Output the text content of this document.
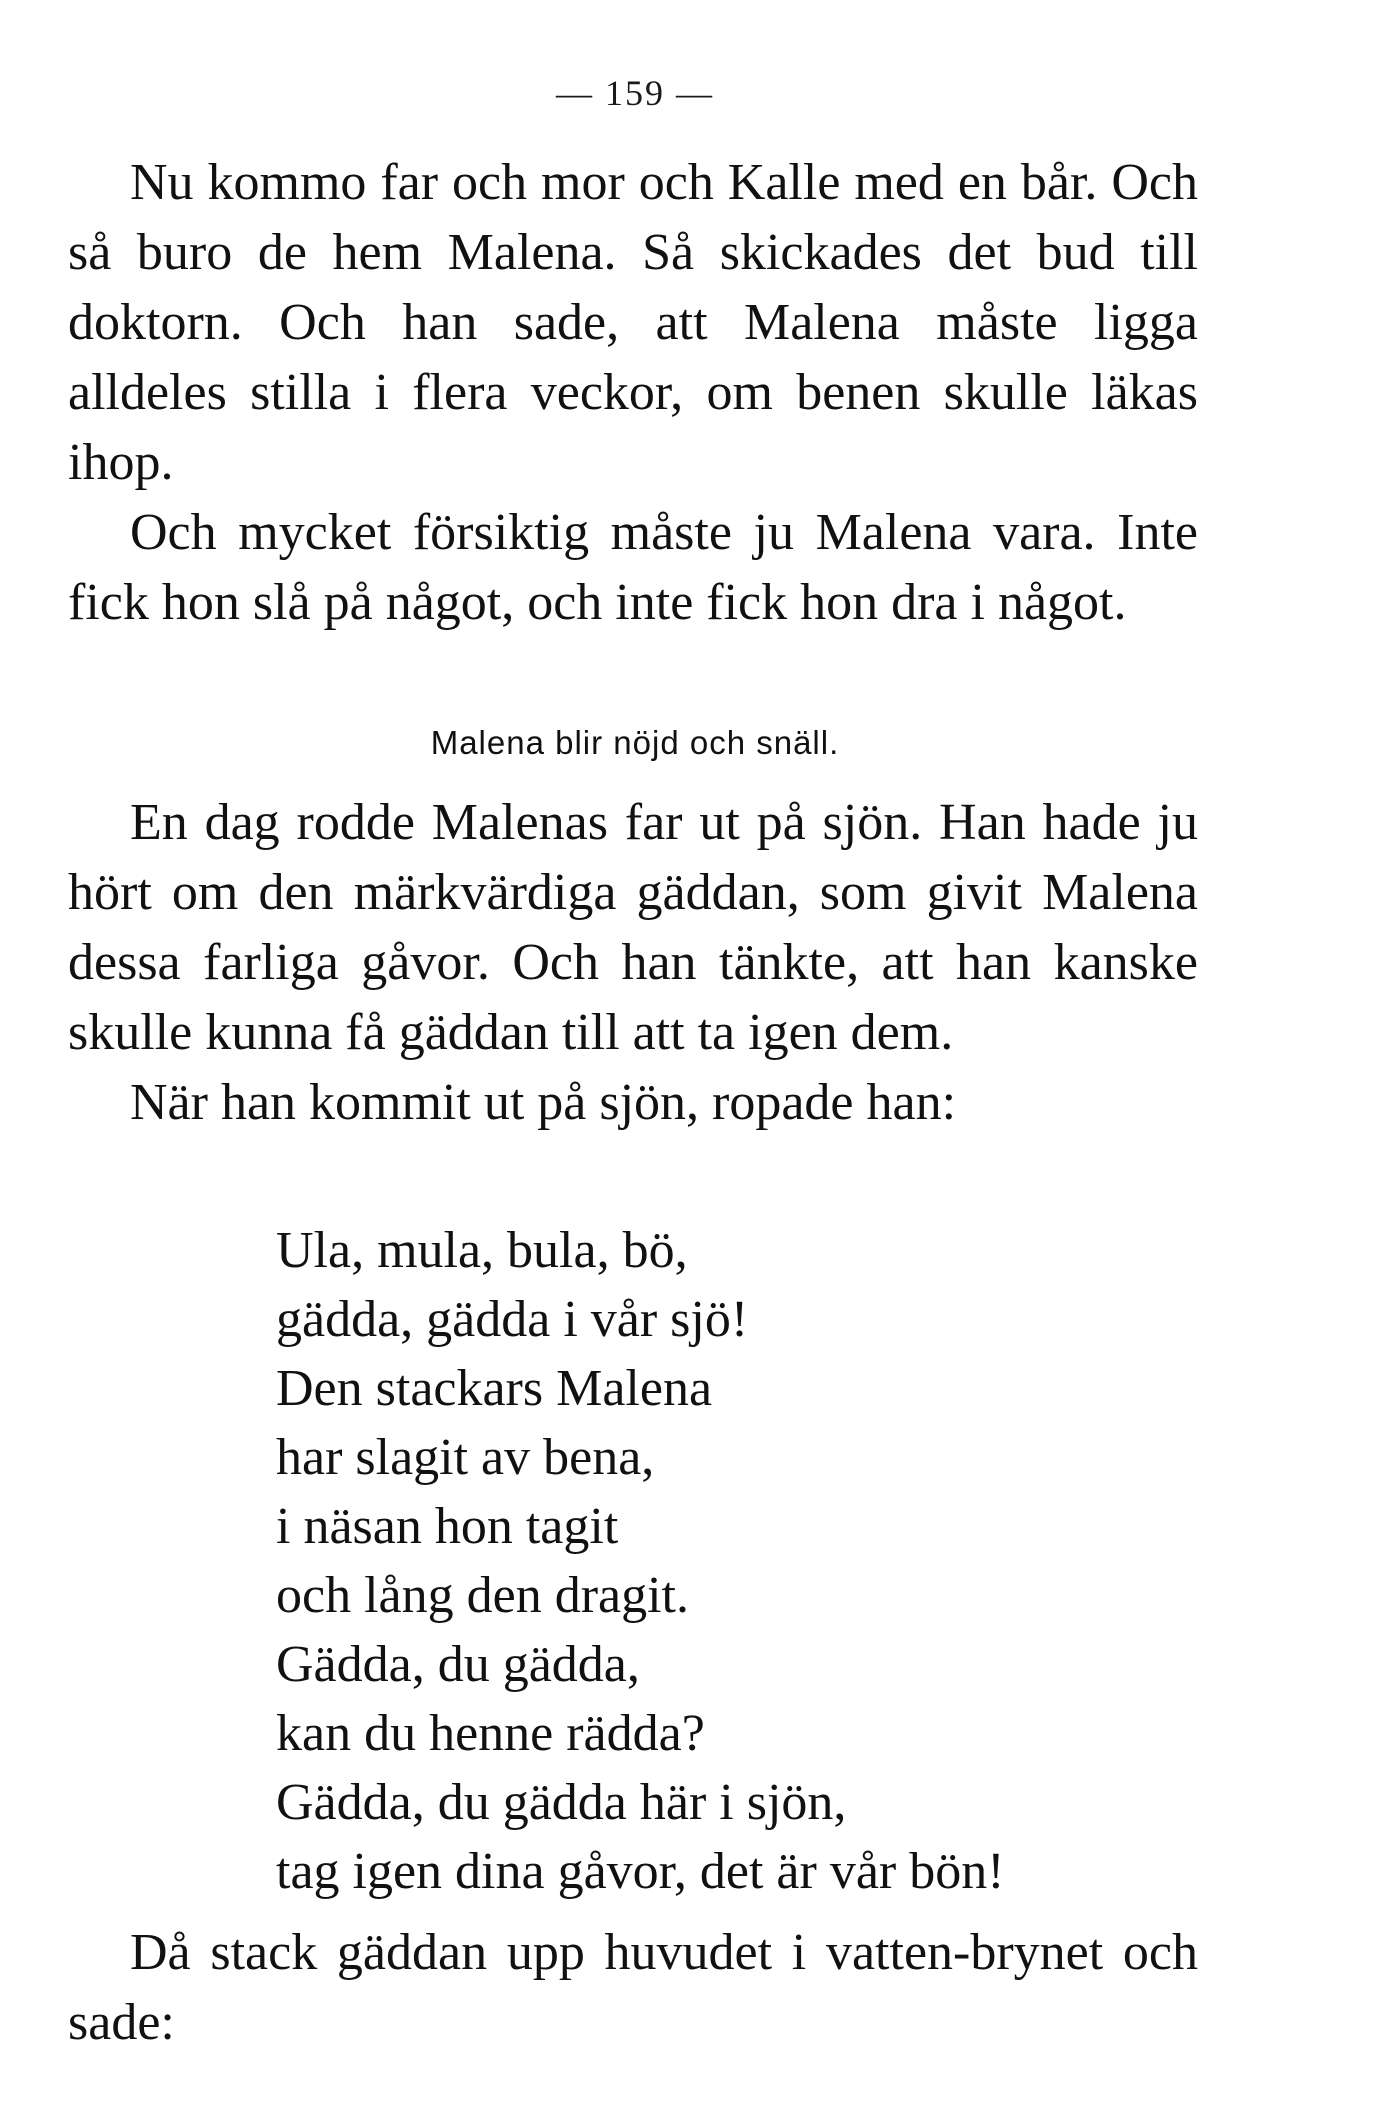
— 159 —

Nu kommo far och mor och Kalle med en bår. Och så buro de hem Malena. Så skickades det bud till doktorn. Och han sade, att Malena måste ligga alldeles stilla i flera veckor, om benen skulle läkas ihop.

Och mycket försiktig måste ju Malena vara. Inte fick hon slå på något, och inte fick hon dra i något.

Malena blir nöjd och snäll.

En dag rodde Malenas far ut på sjön. Han hade ju hört om den märkvärdiga gäddan, som givit Malena dessa farliga gåvor. Och han tänkte, att han kanske skulle kunna få gäddan till att ta igen dem.

När han kommit ut på sjön, ropade han:

Ula, mula, bula, bö,
gädda, gädda i vår sjö!
Den stackars Malena
har slagit av bena,
i näsan hon tagit
och lång den dragit.
Gädda, du gädda,
kan du henne rädda?
Gädda, du gädda här i sjön,
tag igen dina gåvor, det är vår bön!

Då stack gäddan upp huvudet i vatten-brynet och sade:
